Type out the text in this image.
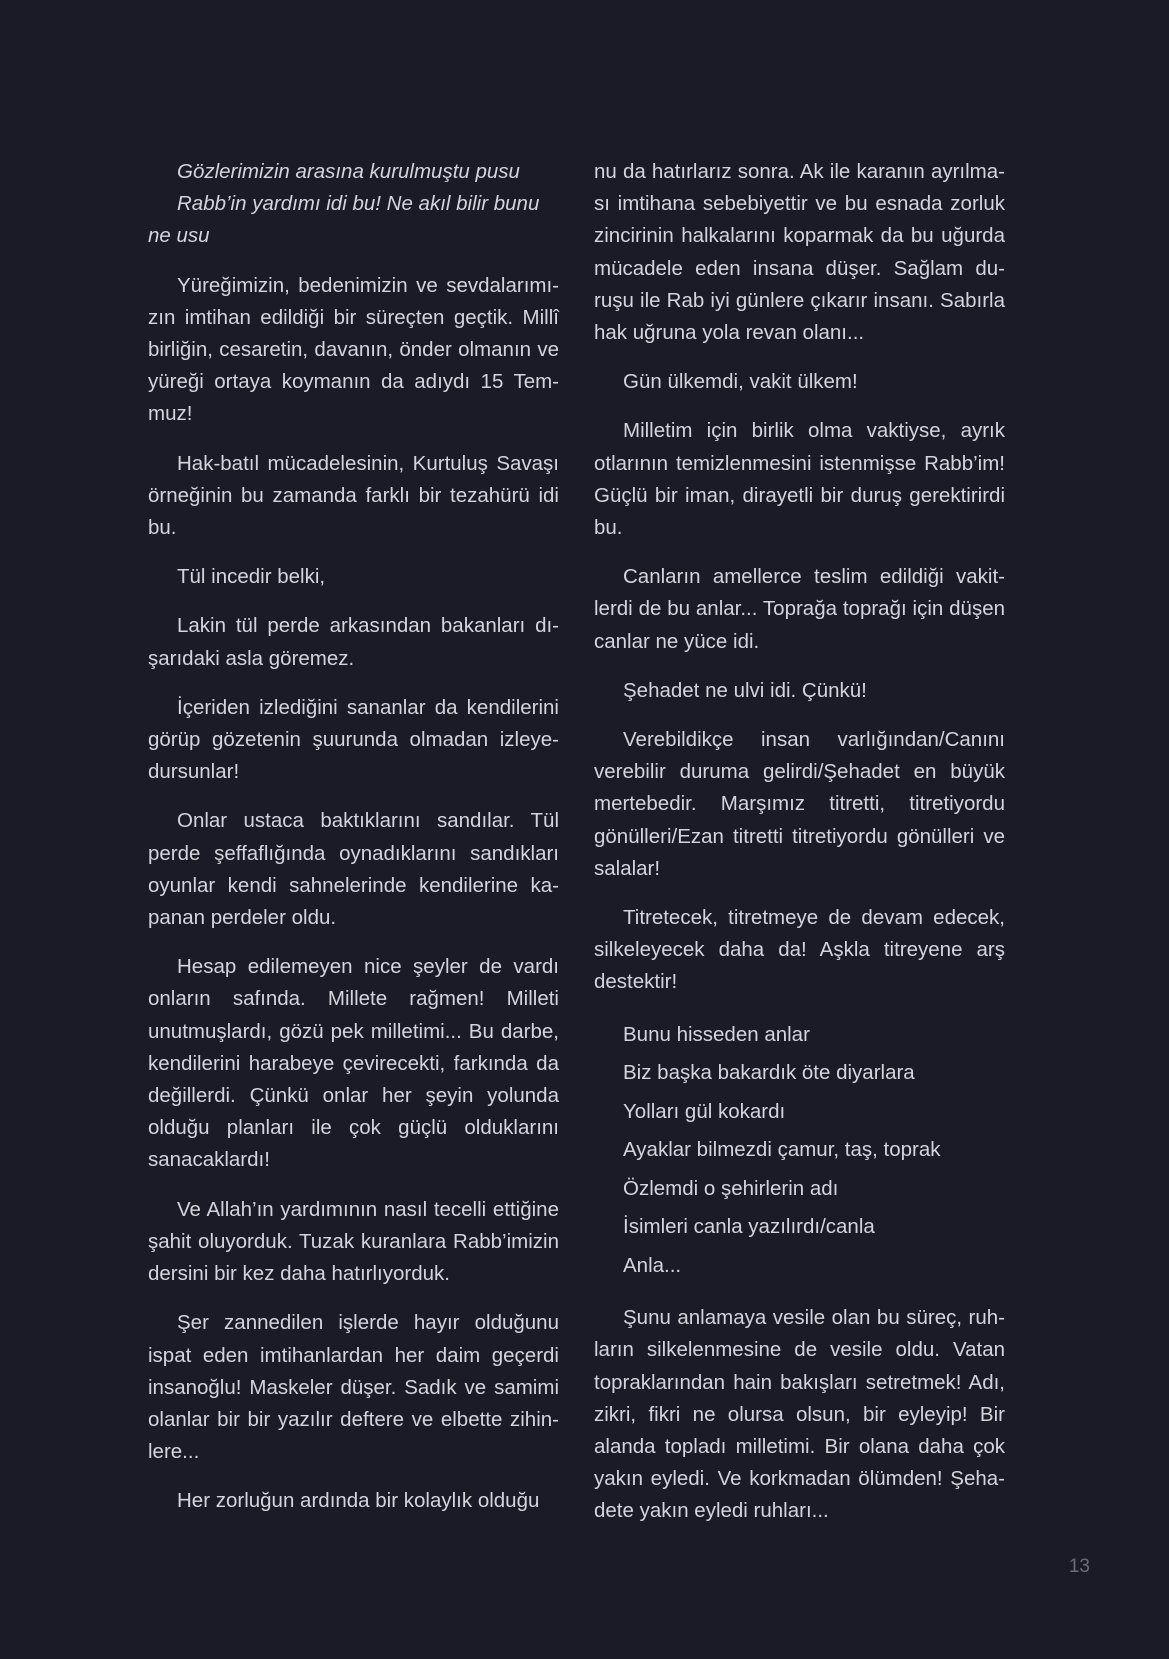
Gözlerimizin arasına kurulmuştu pusu

Rabb’in yardımı idi bu! Ne akıl bilir bunu

ne usu

Yüreğimizin, bedenimizin ve sevdalarımızın imtihan edildiği bir süreçten geçtik. Millî birliğin, cesaretin, davanın, önder olmanın ve yüreği ortaya koymanın da adıydı 15 Temmuz!

Hak-batıl mücadelesinin, Kurtuluş Savaşı örneğinin bu zamanda farklı bir tezahürü idi bu.

Tül incedir belki,

Lakin tül perde arkasından bakanları dışarıdaki asla göremez.

İçeriden izlediğini sananlar da kendilerini görüp gözetenin şuurunda olmadan izleyedursunlar!

Onlar ustaca baktıklarını sandılar. Tül perde şeffaflığında oynadıklarını sandıkları oyunlar kendi sahnelerinde kendilerine kapanan perdeler oldu.

Hesap edilemeyen nice şeyler de vardı onların safında. Millete rağmen! Milleti unutmuşlardı, gözü pek milletimi... Bu darbe, kendilerini harabeye çevirecekti, farkında da değillerdi. Çünkü onlar her şeyin yolunda olduğu planları ile çok güçlü olduklarını sanacaklardı!

Ve Allah’ın yardımının nasıl tecelli ettiğine şahit oluyorduk. Tuzak kuranlara Rabb’imizin dersini bir kez daha hatırlıyorduk.

Şer zannedilen işlerde hayır olduğunu ispat eden imtihanlardan her daim geçerdi insanoğlu! Maskeler düşer. Sadık ve samimi olanlar bir bir yazılır deftere ve elbette zihinlere...

Her zorluğun ardında bir kolaylık olduğu

nu da hatırlarız sonra. Ak ile karanın ayrılması imtihana sebebiyettir ve bu esnada zorluk zincirinin halkalarını koparmak da bu uğurda mücadele eden insana düşer. Sağlam duruşu ile Rab iyi günlere çıkarır insanı. Sabırla hak uğruna yola revan olanı...

Gün ülkemdi, vakit ülkem!

Milletim için birlik olma vaktiyse, ayrık otlarının temizlenmesini istenmişse Rabb’im! Güçlü bir iman, dirayetli bir duruş gerektirirdi bu.

Canların amellerce teslim edildiği vakitlerdi de bu anlar... Toprağa toprağı için düşen canlar ne yüce idi.

Şehadet ne ulvi idi. Çünkü!

Verebildikçe insan varlığından/Canını verebilir duruma gelirdi/Şehadet en büyük mertebedir. Marşımız titretti, titretiyordu gönülleri/Ezan titretti titretiyordu gönülleri ve salalar!

Titretecek, titretmeye de devam edecek, silkeleyecek daha da! Aşkla titreyene arş destektir!

Bunu hisseden anlar
Biz başka bakardık öte diyarlara
Yolları gül kokardı
Ayaklar bilmezdi çamur, taş, toprak
Özlemdi o şehirlerin adı
İsimleri canla yazılırdı/canla
Anla...

Şunu anlamaya vesile olan bu süreç, ruhların silkelenmesine de vesile oldu. Vatan topraklarından hain bakışları setretmek! Adı, zikri, fikri ne olursa olsun, bir eyleyip! Bir alanda topladı milletimi. Bir olana daha çok yakın eyledi. Ve korkmadan ölümden! Şehadete yakın eyledi ruhları...

13
